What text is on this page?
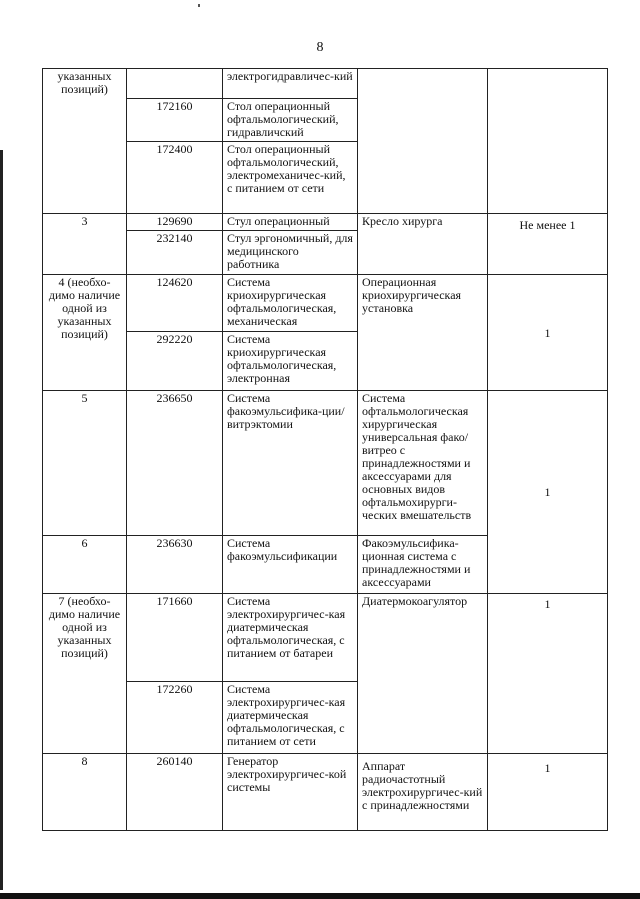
8
указанных позиций)		электрогидравличес-кий		
	172160	Стол операционный офтальмологический, гидравличский		
	172400	Стол операционный офтальмологический, электромеханичес-кий, с питанием от сети		
3	129690	Стул операционный	Кресло хирурга	Не менее 1
	232140	Стул эргономичный, для медицинского работника		
4 (необхо-димо наличие одной из указанных позиций)	124620	Система криохирургическая офтальмологическая, механическая	Операционная криохирургическая установка	1
	292220	Система криохирургическая офтальмологическая, электронная		
5	236650	Система факоэмульсифика-ции/витрэктомии	Система офтальмологическая хирургическая универсальная фако/витрео с принадлежностями и аксессуарами для основных видов офтальмохирурги-ческих вмешательств	1
6	236630	Система факоэмульсификации	Факоэмульсифика-ционная система с принадлежностями и аксессуарами	
7 (необхо-димо наличие одной из указанных позиций)	171660	Система электрохирургичес-кая диатермическая офтальмологическая, с питанием от батареи	Диатермокоагулятор	1
	172260	Система электрохирургичес-кая диатермическая офтальмологическая, с питанием от сети		
8	260140	Генератор электрохирургичес-кой системы	Аппарат радиочастотный электрохирургичес-кий с принадлежностями	1
